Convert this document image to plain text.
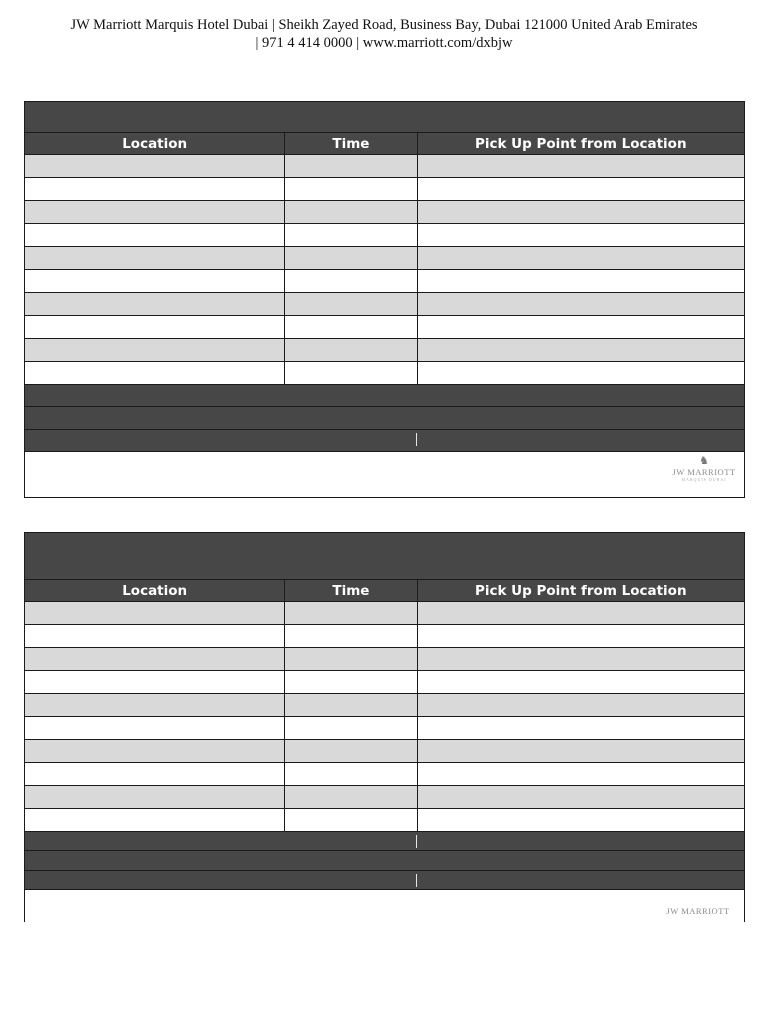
JW Marriott Marquis Hotel Dubai | Sheikh Zayed Road, Business Bay, Dubai 121000 United Arab Emirates
| 971 4 414 0000 | www.marriott.com/dxbjw

Location	Time	Pick Up Point from Location

♞
JW MARRIOTT
MARQUIS DUBAI		

Location	Time	Pick Up Point from Location

JW MARRIOTT		
